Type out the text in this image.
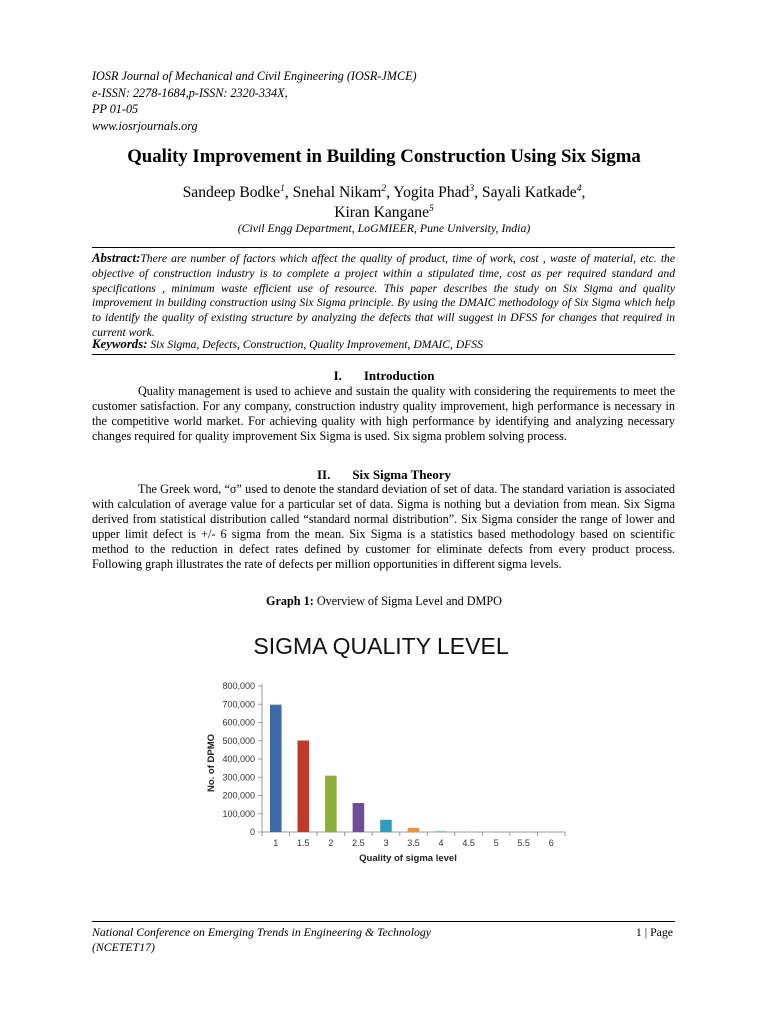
IOSR Journal of Mechanical and Civil Engineering (IOSR-JMCE)
e-ISSN: 2278-1684,p-ISSN: 2320-334X,
PP 01-05
www.iosrjournals.org
Quality Improvement in Building Construction Using Six Sigma
Sandeep Bodke$^1$, Snehal Nikam$^2$, Yogita Phad$^3$, Sayali Katkade$^4$,
Kiran Kangane$^5$
(Civil Engg Department, LoGMIEER, Pune University, India)
Abstract:There are number of factors which affect the quality of product, time of work, cost , waste of material, etc. the objective of construction industry is to complete a project within a stipulated time, cost as per required standard and specifications , minimum waste efficient use of resource. This paper describes the study on Six Sigma and quality improvement in building construction using Six Sigma principle. By using the DMAIC methodology of Six Sigma which help to identify the quality of existing structure by analyzing the defects that will suggest in DFSS for changes that required in current work.
Keywords: Six Sigma, Defects, Construction, Quality Improvement, DMAIC, DFSS
I. Introduction
Quality management is used to achieve and sustain the quality with considering the requirements to meet the customer satisfaction. For any company, construction industry quality improvement, high performance is necessary in the competitive world market. For achieving quality with high performance by identifying and analyzing necessary changes required for quality improvement Six Sigma is used. Six sigma problem solving process.
II. Six Sigma Theory
The Greek word, “σ” used to denote the standard deviation of set of data. The standard variation is associated with calculation of average value for a particular set of data. Sigma is nothing but a deviation from mean. Six Sigma derived from statistical distribution called “standard normal distribution”. Six Sigma consider the range of lower and upper limit defect is +/- 6 sigma from the mean. Six Sigma is a statistics based methodology based on scientific method to the reduction in defect rates defined by customer for eliminate defects from every product process. Following graph illustrates the rate of defects per million opportunities in different sigma levels.
Graph 1: Overview of Sigma Level and DMPO
SIGMA QUALITY LEVEL
Quality of sigma level
No. of DPMO
0
100,000
200,000
300,000
400,000
500,000
600,000
700,000
800,000
1 1.5 2 2.5 3 3.5 4 4.5 5 5.5 6
National Conference on Emerging Trends in Engineering & Technology
(NCETET17)
1 | Page
